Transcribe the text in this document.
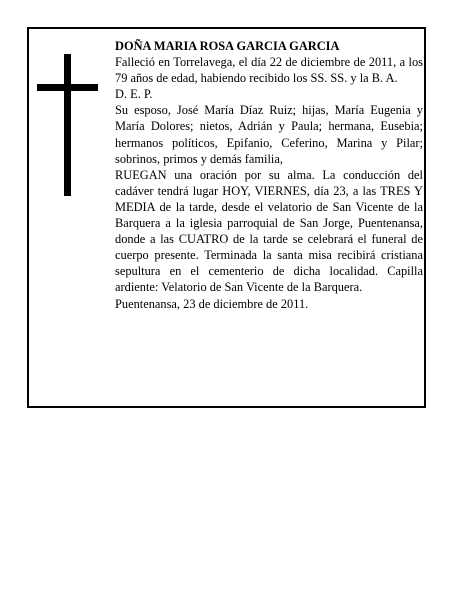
DOÑA MARIA ROSA GARCIA GARCIA

Falleció en Torrelavega, el día 22 de diciembre de 2011, a los 79 años de edad, habiendo recibido los SS. SS. y la B. A.

D. E. P.

Su esposo, José María Díaz Ruiz; hijas, María Eugenia y María Dolores; nietos, Adrián y Paula; hermana, Eusebia; hermanos políticos, Epifanio, Ceferino, Marina y Pilar; sobrinos, primos y demás familia,

RUEGAN una oración por su alma. La conducción del cadáver tendrá lugar HOY, VIERNES, día 23, a las TRES Y MEDIA de la tarde, desde el velatorio de San Vicente de la Barquera a la iglesia parroquial de San Jorge, Puentenansa, donde a las CUATRO de la tarde se celebrará el funeral de cuerpo presente. Terminada la santa misa recibirá cristiana sepultura en el cementerio de dicha localidad. Capilla ardiente: Velatorio de San Vicente de la Barquera.

Puentenansa, 23 de diciembre de 2011.
